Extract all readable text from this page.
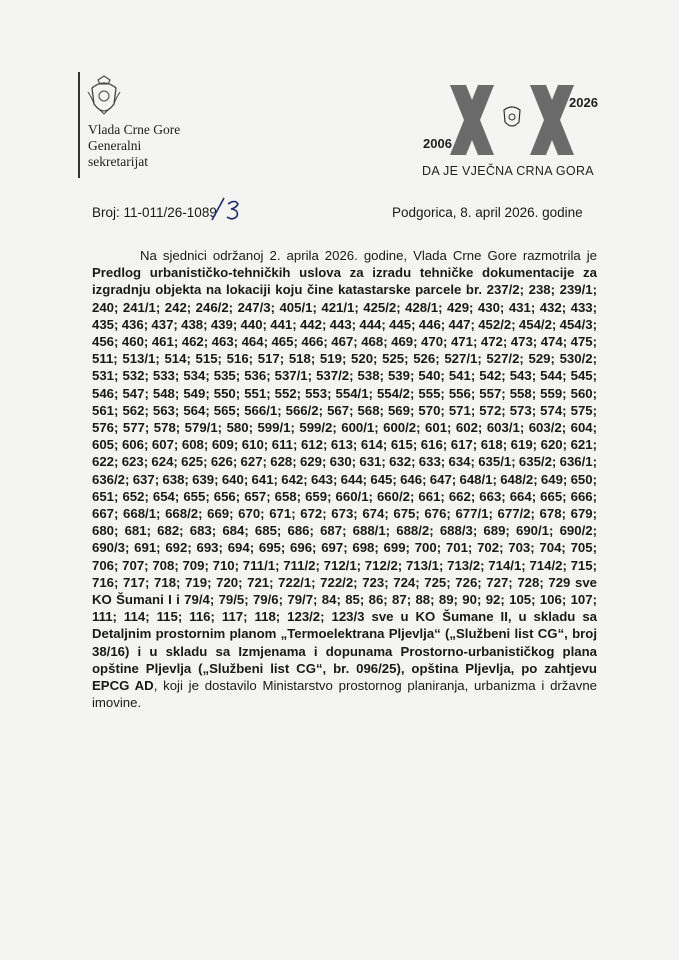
Vlada Crne Gore
Generalni
sekretarijat
2006
2026
DA JE VJEČNA CRNA GORA
Broj: 11-011/26-1089	Podgorica, 8. april 2026. godine
Na sjednici održanoj 2. aprila 2026. godine, Vlada Crne Gore razmotrila je Predlog urbanističko-tehničkih uslova za izradu tehničke dokumentacije za izgradnju objekta na lokaciji koju čine katastarske parcele br. 237/2; 238; 239/1; 240; 241/1; 242; 246/2; 247/3; 405/1; 421/1; 425/2; 428/1; 429; 430; 431; 432; 433; 435; 436; 437; 438; 439; 440; 441; 442; 443; 444; 445; 446; 447; 452/2; 454/2; 454/3; 456; 460; 461; 462; 463; 464; 465; 466; 467; 468; 469; 470; 471; 472; 473; 474; 475; 511; 513/1; 514; 515; 516; 517; 518; 519; 520; 525; 526; 527/1; 527/2; 529; 530/2; 531; 532; 533; 534; 535; 536; 537/1; 537/2; 538; 539; 540; 541; 542; 543; 544; 545; 546; 547; 548; 549; 550; 551; 552; 553; 554/1; 554/2; 555; 556; 557; 558; 559; 560; 561; 562; 563; 564; 565; 566/1; 566/2; 567; 568; 569; 570; 571; 572; 573; 574; 575; 576; 577; 578; 579/1; 580; 599/1; 599/2; 600/1; 600/2; 601; 602; 603/1; 603/2; 604; 605; 606; 607; 608; 609; 610; 611; 612; 613; 614; 615; 616; 617; 618; 619; 620; 621; 622; 623; 624; 625; 626; 627; 628; 629; 630; 631; 632; 633; 634; 635/1; 635/2; 636/1; 636/2; 637; 638; 639; 640; 641; 642; 643; 644; 645; 646; 647; 648/1; 648/2; 649; 650; 651; 652; 654; 655; 656; 657; 658; 659; 660/1; 660/2; 661; 662; 663; 664; 665; 666; 667; 668/1; 668/2; 669; 670; 671; 672; 673; 674; 675; 676; 677/1; 677/2; 678; 679; 680; 681; 682; 683; 684; 685; 686; 687; 688/1; 688/2; 688/3; 689; 690/1; 690/2; 690/3; 691; 692; 693; 694; 695; 696; 697; 698; 699; 700; 701; 702; 703; 704; 705; 706; 707; 708; 709; 710; 711/1; 711/2; 712/1; 712/2; 713/1; 713/2; 714/1; 714/2; 715; 716; 717; 718; 719; 720; 721; 722/1; 722/2; 723; 724; 725; 726; 727; 728; 729 sve KO Šumani I i 79/4; 79/5; 79/6; 79/7; 84; 85; 86; 87; 88; 89; 90; 92; 105; 106; 107; 111; 114; 115; 116; 117; 118; 123/2; 123/3 sve u KO Šumane II, u skladu sa Detaljnim prostornim planom „Termoelektrana Pljevlja“ („Službeni list CG“, broj 38/16) i u skladu sa Izmjenama i dopunama Prostorno-urbanističkog plana opštine Pljevlja („Službeni list CG“, br. 096/25), opština Pljevlja, po zahtjevu EPCG AD, koji je dostavilo Ministarstvo prostornog planiranja, urbanizma i državne imovine.
